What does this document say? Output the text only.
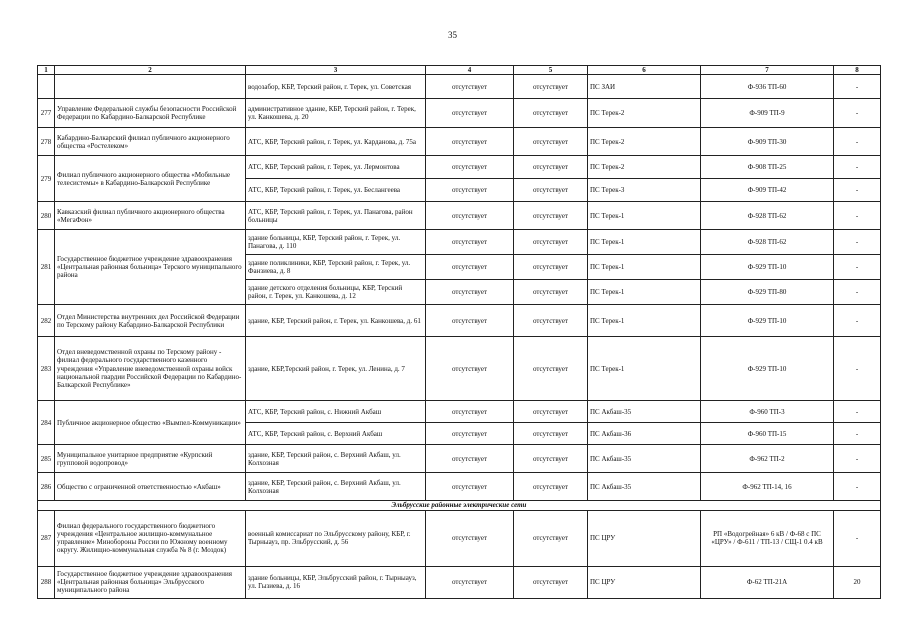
35
1	2	3	4	5	6	7	8
		водозабор, КБР, Терский район, г. Терек, ул. Советская	отсутствует	отсутствует	ПС ЗАИ	Ф-936 ТП-60	-
277	Управление Федеральной службы безопасности Российской Федерации по Кабардино-Балкарской Республике	административное здание, КБР, Терский район, г. Терек, ул. Канкошева, д. 20	отсутствует	отсутствует	ПС Терек-2	Ф-909 ТП-9	-
278	Кабардино-Балкарский филиал публичного акционерного общества «Ростелеком»	АТС, КБР, Терский район, г. Терек, ул. Карданова, д. 75а	отсутствует	отсутствует	ПС Терек-2	Ф-909 ТП-30	-
279	Филиал публичного акционерного общества «Мобильные телесистемы» в Кабардино-Балкарской Республике	АТС, КБР, Терский район, г. Терек, ул. Лермонтова	отсутствует	отсутствует	ПС Терек-2	Ф-908 ТП-25	-
		АТС, КБР, Терский район, г. Терек, ул. Беслангеева	отсутствует	отсутствует	ПС Терек-3	Ф-909 ТП-42	-
280	Кавказский филиал публичного акционерного общества «МегаФон»	АТС, КБР, Терский район, г. Терек, ул. Панагова, район больницы	отсутствует	отсутствует	ПС Терек-1	Ф-928 ТП-62	-
281	Государственное бюджетное учреждение здравоохранения «Центральная районная больница» Терского муниципального района	здание больницы, КБР, Терский район, г. Терек, ул. Панагова, д. 110	отсутствует	отсутствует	ПС Терек-1	Ф-928 ТП-62	-
		здание поликлиники, КБР, Терский район, г. Терек, ул. Фанзиева, д. 8	отсутствует	отсутствует	ПС Терек-1	Ф-929 ТП-10	-
		здание детского отделения больницы, КБР, Терский район, г. Терек, ул. Канкошева, д. 12	отсутствует	отсутствует	ПС Терек-1	Ф-929 ТП-80	-
282	Отдел Министерства внутренних дел Российской Федерации по Терскому району Кабардино-Балкарской Республики	здание, КБР, Терский район, г. Терек, ул. Канкошева, д. 61	отсутствует	отсутствует	ПС Терек-1	Ф-929 ТП-10	-
283	Отдел вневедомственной охраны по Терскому району - филиал федерального государственного казенного учреждения «Управление вневедомственной охраны войск национальной гвардии Российской Федерации по Кабардино-Балкарской Республике»	здание, КБР,Терский район, г. Терек, ул. Ленина, д. 7	отсутствует	отсутствует	ПС Терек-1	Ф-929 ТП-10	-
284	Публичное акционерное общество «Вымпел-Коммуникации»	АТС, КБР, Терский район, с. Нижний Акбаш	отсутствует	отсутствует	ПС Акбаш-35	Ф-960 ТП-3	-
		АТС, КБР, Терский район, с. Верхний Акбаш	отсутствует	отсутствует	ПС Акбаш-36	Ф-960 ТП-15	-
285	Муниципальное унитарное предприятие «Курпский групповой водопровод»	здание, КБР, Терский район, с. Верхний Акбаш, ул. Колхозная	отсутствует	отсутствует	ПС Акбаш-35	Ф-962 ТП-2	-
286	Общество с ограниченной ответственностью «Акбаш»	здание, КБР, Терский район, с. Верхний Акбаш, ул. Колхозная	отсутствует	отсутствует	ПС Акбаш-35	Ф-962 ТП-14, 16	-
Эльбрусские районные электрические сети							
287	Филиал федерального государственного бюджетного учреждения «Центральное жилищно-коммунальное управление» Минобороны России по Южному военному округу. Жилищно-коммунальная служба № 8 (г. Моздок)	военный комиссариат по Эльбрусскому району, КБР, г. Тырныауз, пр. Эльбрусский, д. 56	отсутствует	отсутствует	ПС ЦРУ	РП «Водогрейная» 6 кВ / Ф-68 с ПС «ЦРУ» / Ф-611 / ТП-13 / СЩ-1 0.4 кВ	-
288	Государственное бюджетное учреждение здравоохранения «Центральная районная больница» Эльбрусского муниципального района	здание больницы, КБР, Эльбрусский район, г. Тырныауз, ул. Гызиева, д. 16	отсутствует	отсутствует	ПС ЦРУ	Ф-62 ТП-21А	20
